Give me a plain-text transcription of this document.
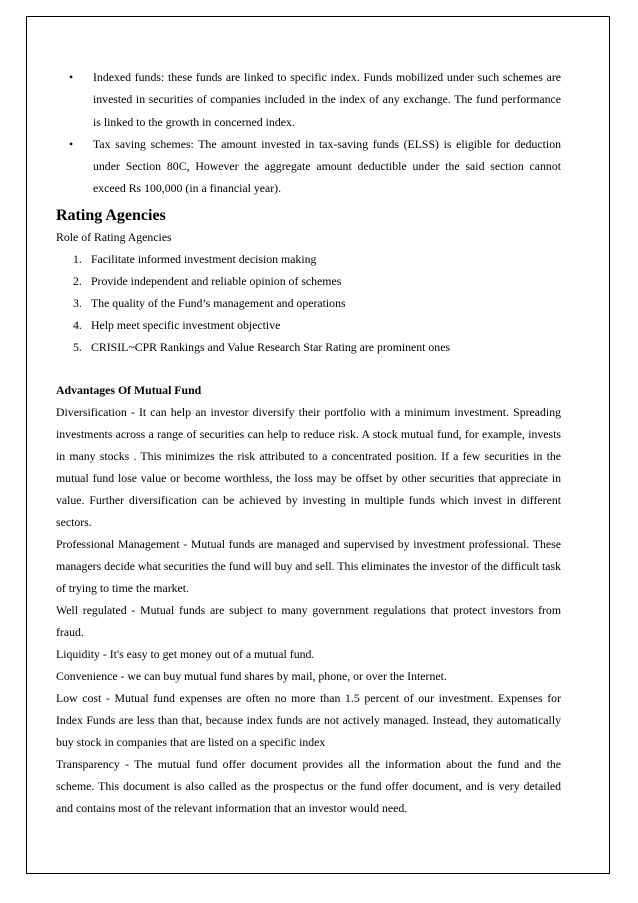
• Indexed funds: these funds are linked to specific index. Funds mobilized under such schemes are invested in securities of companies included in the index of any exchange. The fund performance is linked to the growth in concerned index.
• Tax saving schemes: The amount invested in tax-saving funds (ELSS) is eligible for deduction under Section 80C, However the aggregate amount deductible under the said section cannot exceed Rs 100,000 (in a financial year).
Rating Agencies

Role of Rating Agencies

1. Facilitate informed investment decision making
2. Provide independent and reliable opinion of schemes
3. The quality of the Fund’s management and operations
4. Help meet specific investment objective
5. CRISIL~CPR Rankings and Value Research Star Rating are prominent ones
Advantages Of Mutual Fund

Diversification - It can help an investor diversify their portfolio with a minimum investment. Spreading investments across a range of securities can help to reduce risk. A stock mutual fund, for example, invests in many stocks . This minimizes the risk attributed to a concentrated position. If a few securities in the mutual fund lose value or become worthless, the loss may be offset by other securities that appreciate in value. Further diversification can be achieved by investing in multiple funds which invest in different sectors.

Professional Management - Mutual funds are managed and supervised by investment professional. These managers decide what securities the fund will buy and sell. This eliminates the investor of the difficult task of trying to time the market.

Well regulated - Mutual funds are subject to many government regulations that protect investors from fraud.

Liquidity - It's easy to get money out of a mutual fund.

Convenience - we can buy mutual fund shares by mail, phone, or over the Internet.

Low cost - Mutual fund expenses are often no more than 1.5 percent of our investment. Expenses for Index Funds are less than that, because index funds are not actively managed. Instead, they automatically buy stock in companies that are listed on a specific index

Transparency - The mutual fund offer document provides all the information about the fund and the scheme. This document is also called as the prospectus or the fund offer document, and is very detailed and contains most of the relevant information that an investor would need.
